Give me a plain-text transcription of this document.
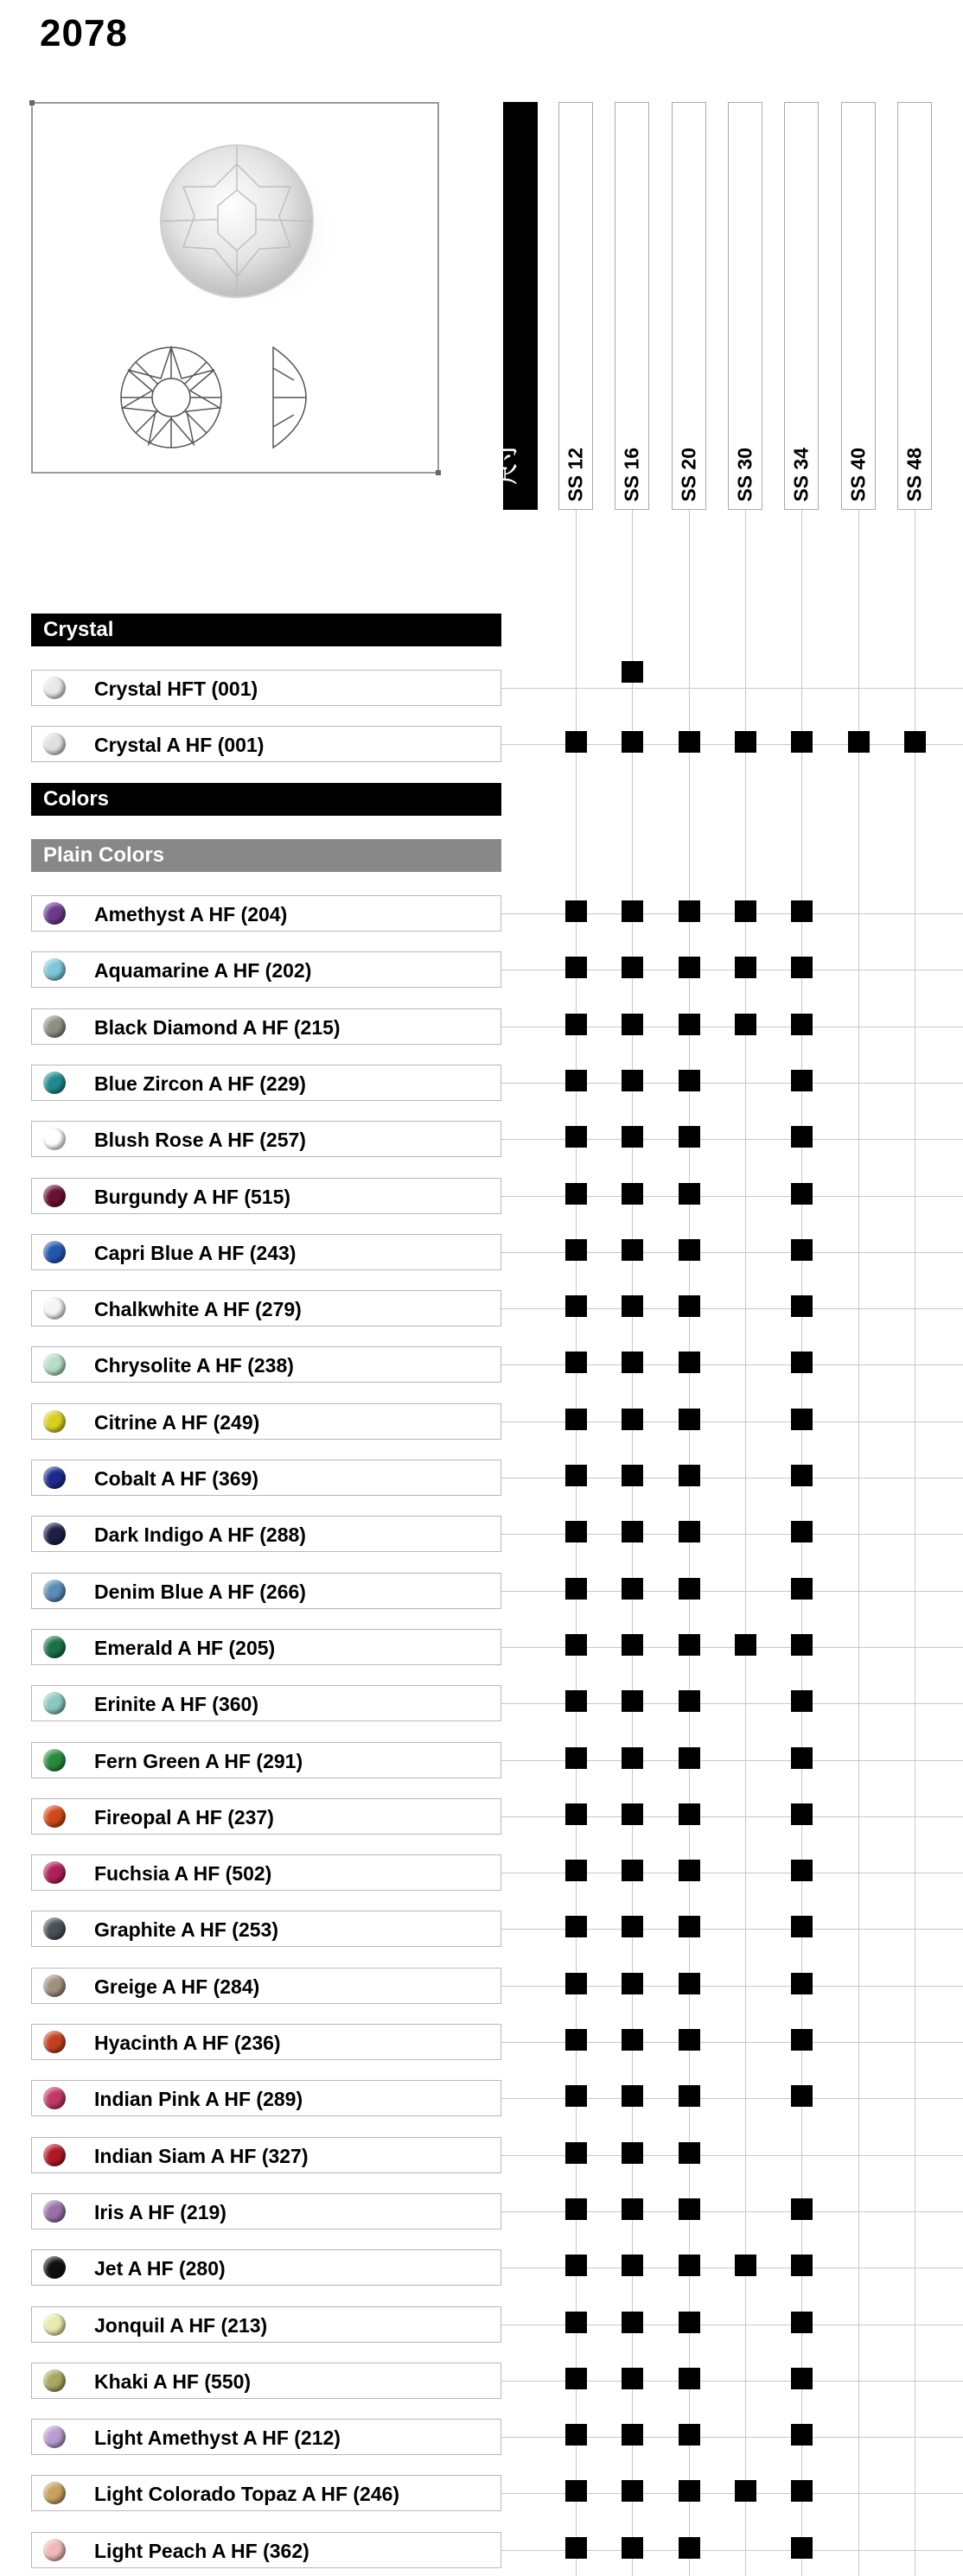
2078
尺寸 SS 12 SS 16 SS 20 SS 30 SS 34 SS 40 SS 48
Crystal
Crystal HFT (001)
Crystal A HF (001)
Colors
Plain Colors
Amethyst A HF (204)
Aquamarine A HF (202)
Black Diamond A HF (215)
Blue Zircon A HF (229)
Blush Rose A HF (257)
Burgundy A HF (515)
Capri Blue A HF (243)
Chalkwhite A HF (279)
Chrysolite A HF (238)
Citrine A HF (249)
Cobalt A HF (369)
Dark Indigo A HF (288)
Denim Blue A HF (266)
Emerald A HF (205)
Erinite A HF (360)
Fern Green A HF (291)
Fireopal A HF (237)
Fuchsia A HF (502)
Graphite A HF (253)
Greige A HF (284)
Hyacinth A HF (236)
Indian Pink A HF (289)
Indian Siam A HF (327)
Iris A HF (219)
Jet A HF (280)
Jonquil A HF (213)
Khaki A HF (550)
Light Amethyst A HF (212)
Light Colorado Topaz A HF (246)
Light Peach A HF (362)
